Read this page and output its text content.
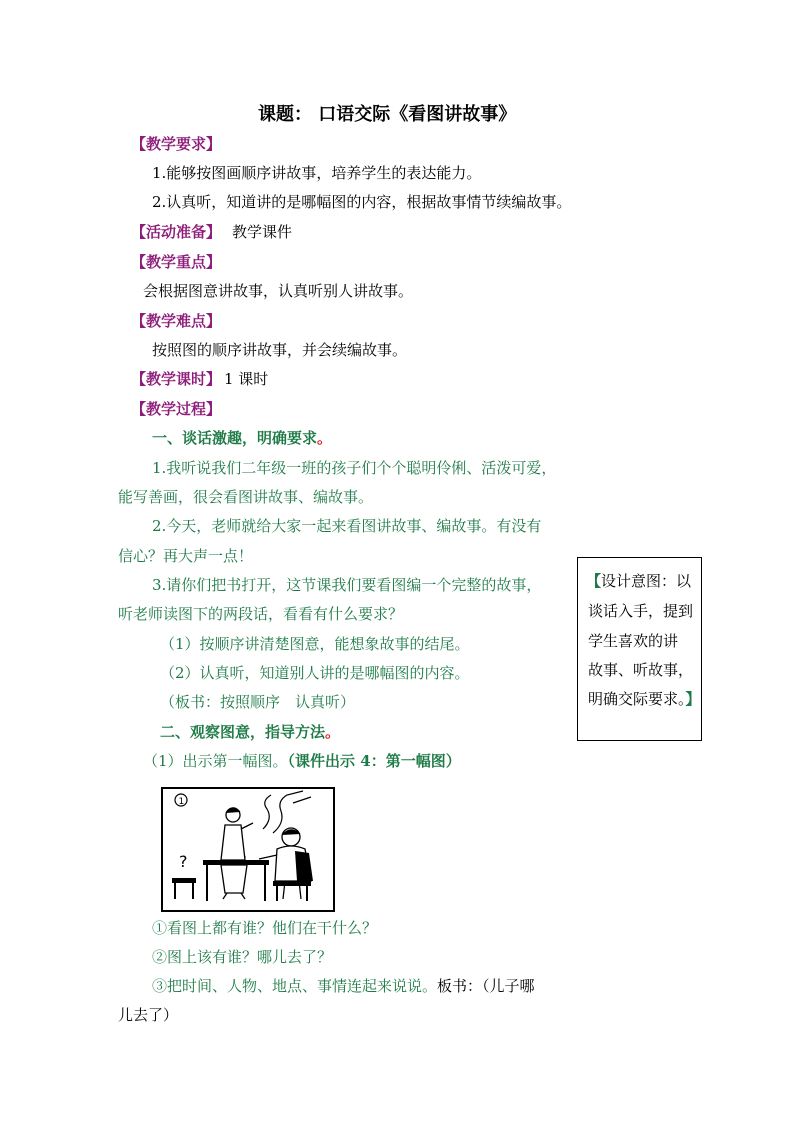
课题： 口语交际《看图讲故事》
【教学要求】
1.能够按图画顺序讲故事，培养学生的表达能力。
2.认真听，知道讲的是哪幅图的内容，根据故事情节续编故事。
【活动准备】 教学课件
【教学重点】
会根据图意讲故事，认真听别人讲故事。
【教学难点】
按照图的顺序讲故事，并会续编故事。
【教学课时】 1 课时
【教学过程】
一、谈话激趣，明确要求。
1.我听说我们二年级一班的孩子们个个聪明伶俐、活泼可爱，
能写善画，很会看图讲故事、编故事。
2.今天，老师就给大家一起来看图讲故事、编故事。有没有
信心？再大声一点！
3.请你们把书打开，这节课我们要看图编一个完整的故事，
听老师读图下的两段话，看看有什么要求？
（1）按顺序讲清楚图意，能想象故事的结尾。
（2）认真听，知道别人讲的是哪幅图的内容。
（板书：按照顺序　认真听）
二、观察图意，指导方法。
（1）出示第一幅图。（课件出示 4：第一幅图）
【设计意图：以
谈话入手，提到
学生喜欢的讲
故事、听故事，
明确交际要求。】
1
?
①看图上都有谁？他们在干什么？
②图上该有谁？哪儿去了？
③把时间、人物、地点、事情连起来说说。板书：（儿子哪
儿去了）
